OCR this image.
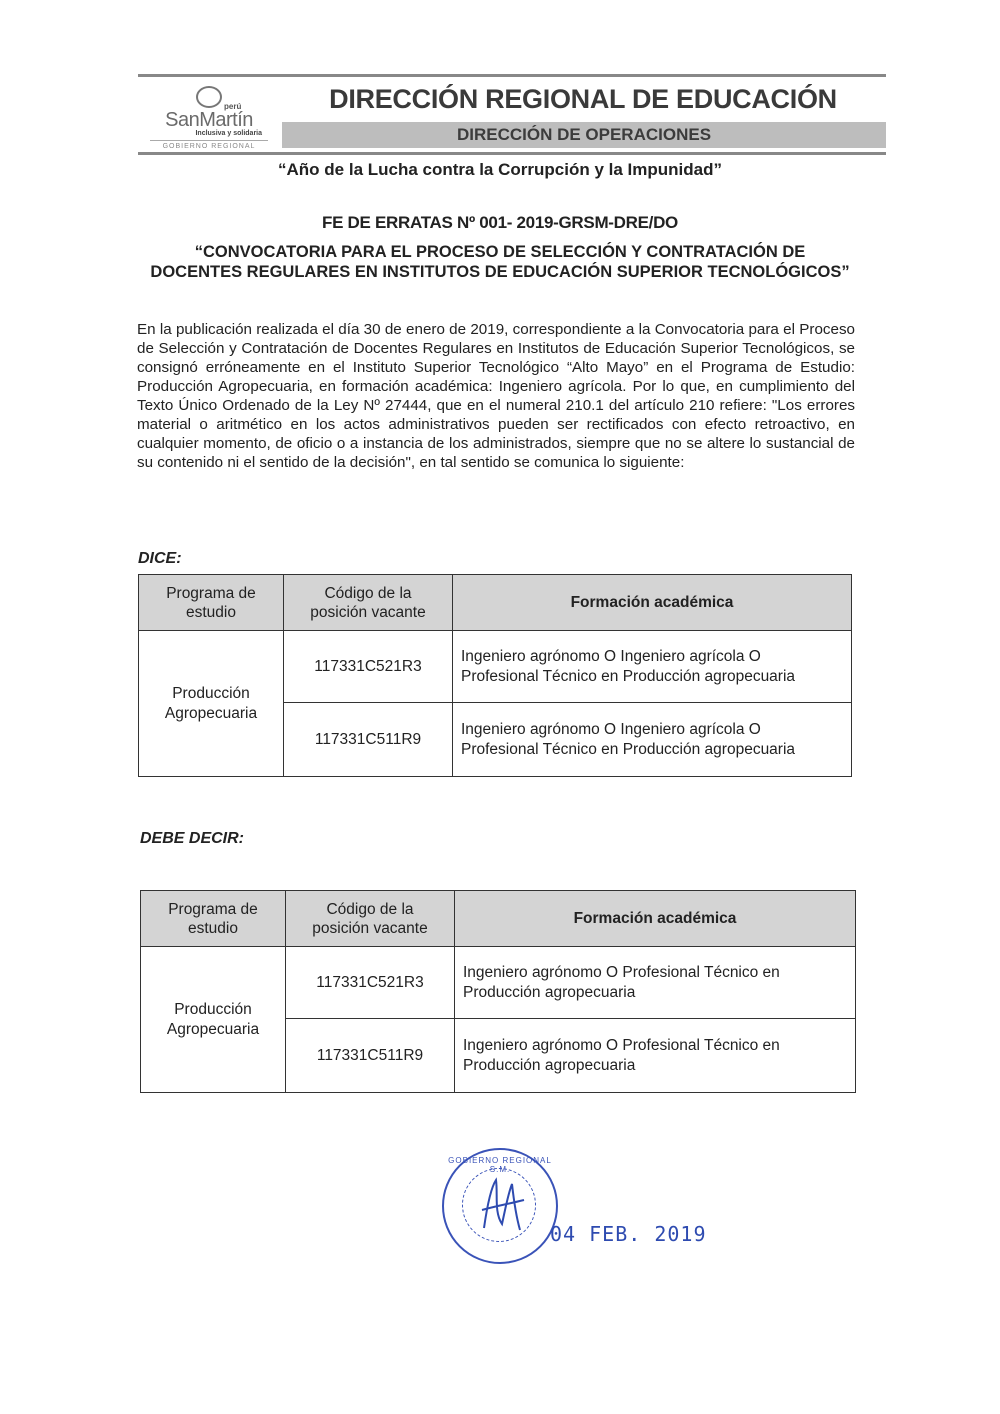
perú
SanMartín
Inclusiva y solidaria
GOBIERNO REGIONAL
DIRECCIÓN REGIONAL DE EDUCACIÓN
DIRECCIÓN DE OPERACIONES
“Año de la Lucha contra la Corrupción y la Impunidad”
FE DE ERRATAS Nº 001- 2019-GRSM-DRE/DO
“CONVOCATORIA PARA EL PROCESO DE SELECCIÓN Y CONTRATACIÓN DE
DOCENTES REGULARES EN INSTITUTOS DE EDUCACIÓN SUPERIOR TECNOLÓGICOS”
En la publicación realizada el día 30 de enero de 2019, correspondiente a la Convocatoria para el Proceso de Selección y Contratación de Docentes Regulares en Institutos de Educación Superior Tecnológicos, se consignó erróneamente en el Instituto Superior Tecnológico “Alto Mayo” en el Programa de Estudio: Producción Agropecuaria, en formación académica: Ingeniero agrícola. Por lo que, en cumplimiento del Texto Único Ordenado de la Ley Nº 27444, que en el numeral 210.1 del artículo 210 refiere: "Los errores material o aritmético en los actos administrativos pueden ser rectificados con efecto retroactivo, en cualquier momento, de oficio o a instancia de los administrados, siempre que no se altere lo sustancial de su contenido ni el sentido de la decisión", en tal sentido se comunica lo siguiente:
DICE:
Programa de
estudio	Código de la
posición vacante	Formación académica
Producción
Agropecuaria	117331C521R3	Ingeniero agrónomo O Ingeniero agrícola O
Profesional Técnico en Producción agropecuaria
	117331C511R9	Ingeniero agrónomo O Ingeniero agrícola O
Profesional Técnico en Producción agropecuaria
DEBE DECIR:
Programa de
estudio	Código de la
posición vacante	Formación académica
Producción
Agropecuaria	117331C521R3	Ingeniero agrónomo O Profesional Técnico en
Producción agropecuaria
	117331C511R9	Ingeniero agrónomo O Profesional Técnico en
Producción agropecuaria
GOBIERNO REGIONAL S.M.
04 FEB. 2019
